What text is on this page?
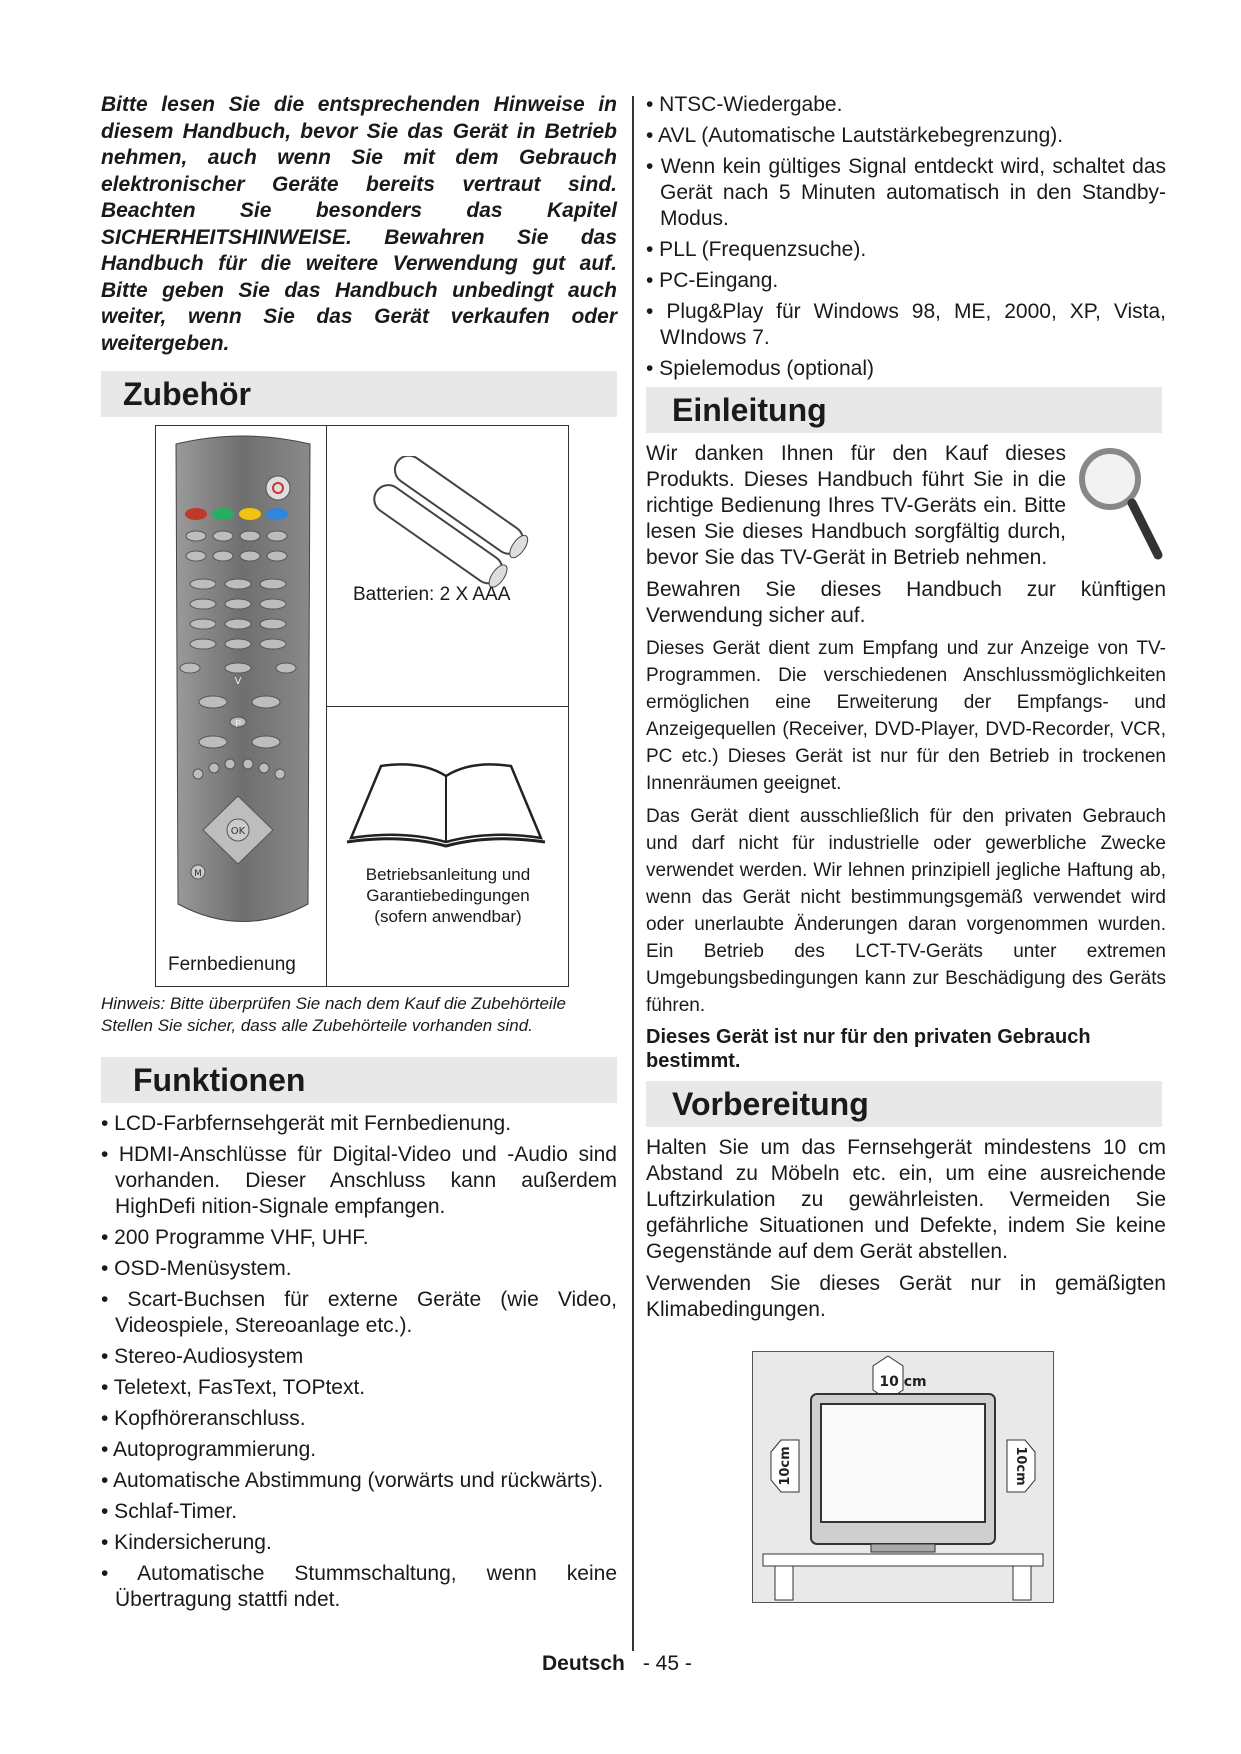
Bitte lesen Sie die entsprechenden Hinweise in diesem Handbuch, bevor Sie das Gerät in Betrieb nehmen, auch wenn Sie mit dem Gebrauch elektronischer Geräte bereits vertraut sind. Beachten Sie besonders das Kapitel SICHERHEITSHINWEISE. Bewahren Sie das Handbuch für die weitere Verwendung gut auf. Bitte geben Sie das Handbuch unbedingt auch weiter, wenn Sie das Gerät verkaufen oder weitergeben.

Zubehör
OK
M
V
P
Fernbedienung
Batterien: 2 X AAA
Betriebsanleitung und
Garantiebedingungen
(sofern anwendbar)

Hinweis: Bitte überprüfen Sie nach dem Kauf die Zubehörteile Stellen Sie sicher, dass alle Zubehörteile vorhanden sind.

Funktionen
• LCD-Farbfernsehgerät mit Fernbedienung.
• HDMI-Anschlüsse für Digital-Video und -Audio sind vorhanden. Dieser Anschluss kann außerdem HighDefi nition-Signale empfangen.
• 200 Programme VHF, UHF.
• OSD-Menüsystem.
• Scart-Buchsen für externe Geräte (wie Video, Videospiele, Stereoanlage etc.).
• Stereo-Audiosystem
• Teletext, FasText, TOPtext.
• Kopfhöreranschluss.
• Autoprogrammierung.
• Automatische Abstimmung (vorwärts und rückwärts).
• Schlaf-Timer.
• Kindersicherung.
• Automatische Stummschaltung, wenn keine Übertragung stattfi ndet.
• NTSC-Wiedergabe.
• AVL (Automatische Lautstärkebegrenzung).
• Wenn kein gültiges Signal entdeckt wird, schaltet das Gerät nach 5 Minuten automatisch in den Standby-Modus.
• PLL (Frequenzsuche).
• PC-Eingang.
• Plug&Play für Windows 98, ME, 2000, XP, Vista, WIndows 7.
• Spielemodus (optional)
Einleitung

Wir danken Ihnen für den Kauf dieses Produkts. Dieses Handbuch führt Sie in die richtige Bedienung Ihres TV-Geräts ein. Bitte lesen Sie dieses Handbuch sorgfältig durch, bevor Sie das TV-Gerät in Betrieb nehmen.

Bewahren Sie dieses Handbuch zur künftigen Verwendung sicher auf.

Dieses Gerät dient zum Empfang und zur Anzeige von TV-Programmen. Die verschiedenen Anschlussmöglichkeiten ermöglichen eine Erweiterung der Empfangs- und Anzeigequellen (Receiver, DVD-Player, DVD-Recorder, VCR, PC etc.) Dieses Gerät ist nur für den Betrieb in trockenen Innenräumen geeignet.

Das Gerät dient ausschließlich für den privaten Gebrauch und darf nicht für industrielle oder gewerbliche Zwecke verwendet werden. Wir lehnen prinzipiell jegliche Haftung ab, wenn das Gerät nicht bestimmungsgemäß verwendet wird oder unerlaubte Änderungen daran vorgenommen wurden. Ein Betrieb des LCT-TV-Geräts unter extremen Umgebungsbedingungen kann zur Beschädigung des Geräts führen.

Dieses Gerät ist nur für den privaten Gebrauch bestimmt.

Vorbereitung

Halten Sie um das Fernsehgerät mindestens 10 cm Abstand zu Möbeln etc. ein, um eine ausreichende Luftzirkulation zu gewährleisten. Vermeiden Sie gefährliche Situationen und Defekte, indem Sie keine Gegenstände auf dem Gerät abstellen.

Verwenden Sie dieses Gerät nur in gemäßigten Klimabedingungen.

10 cm
10cm	10cm
Deutsch - 45 -
